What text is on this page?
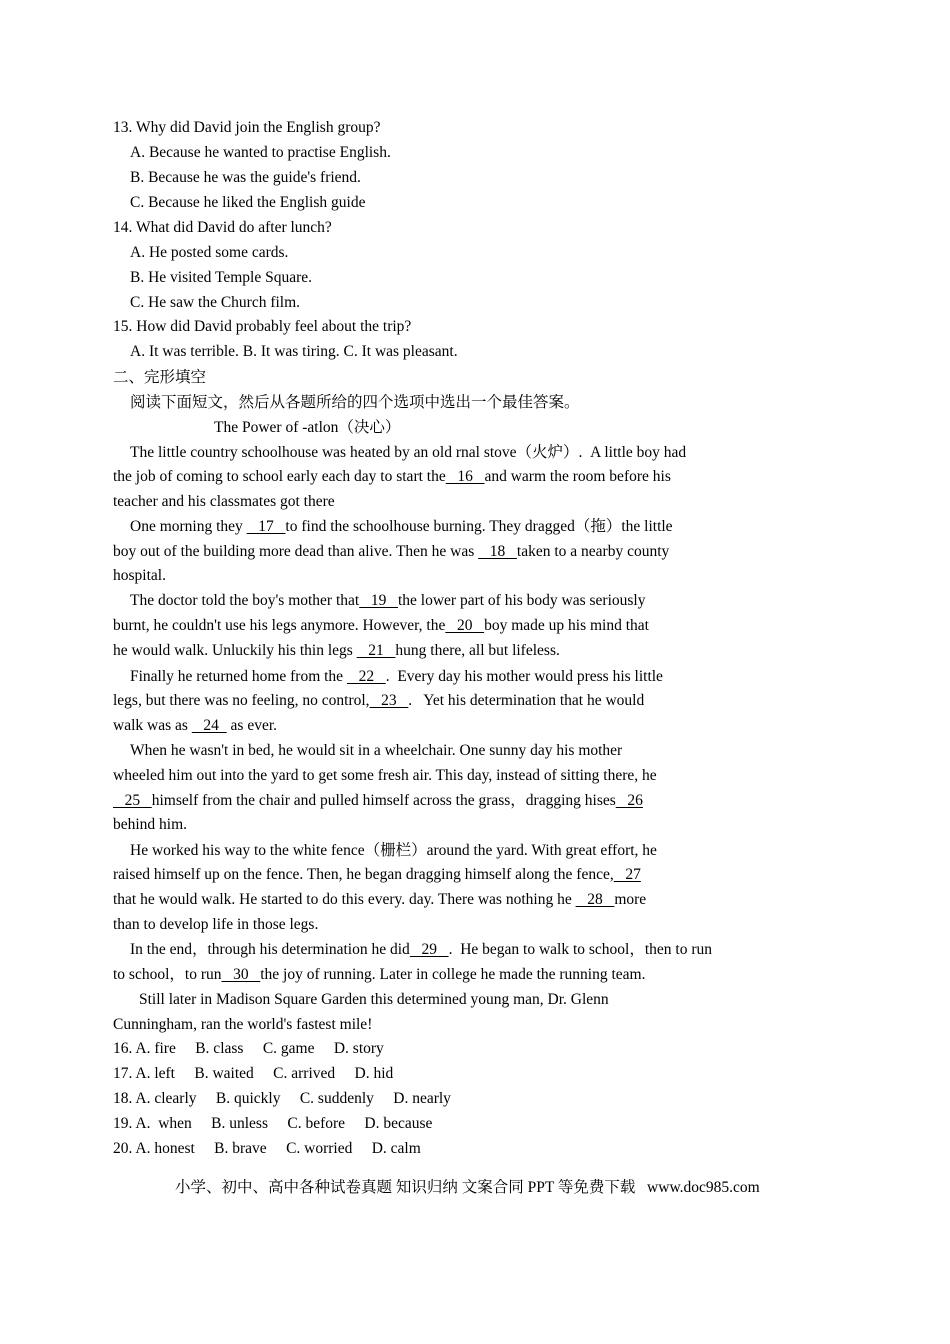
13. Why did David join the English group?
A. Because he wanted to practise English.
B. Because he was the guide's friend.
C. Because he liked the English guide
14. What did David do after lunch?
A. He posted some cards.
B. He visited Temple Square.
C. He saw the Church film.
15. How did David probably feel about the trip?
A. It was terrible. B. It was tiring. C. It was pleasant.
二、完形填空
阅读下面短文，然后从各题所给的四个选项中选出一个最佳答案。
The Power of -atlon（决心）
The little country schoolhouse was heated by an old rnal stove（火炉）.  A little boy had
the job of coming to school early each day to start the   16   and warm the room before his
teacher and his classmates got there
One morning they    17   to find the schoolhouse burning. They dragged（拖）the little
boy out of the building more dead than alive. Then he was    18   taken to a nearby county
hospital.
The doctor told the boy's mother that   19   the lower part of his body was seriously
burnt, he couldn't use his legs anymore. However, the   20   boy made up his mind that
he would walk. Unluckily his thin legs    21   hung there, all but lifeless.
Finally he returned home from the    22   .  Every day his mother would press his little
legs, but there was no feeling, no control,   23   .   Yet his determination that he would
walk was as    24   as ever.
When he wasn't in bed, he would sit in a wheelchair. One sunny day his mother
wheeled him out into the yard to get some fresh air. This day, instead of sitting there, he
25   himself from the chair and pulled himself across the grass，dragging hises   26
behind him.
He worked his way to the white fence（栅栏）around the yard. With great effort, he
raised himself up on the fence. Then, he began dragging himself along the fence,   27
that he would walk. He started to do this every. day. There was nothing he    28   more
than to develop life in those legs.
In the end，through his determination he did   29   .  He began to walk to school，then to run
to school，to run   30   the joy of running. Later in college he made the running team.
Still later in Madison Square Garden this determined young man, Dr. Glenn
Cunningham, ran the world's fastest mile!
16. A. fire     B. class     C. game     D. story
17. A. left     B. waited     C. arrived     D. hid
18. A. clearly     B. quickly     C. suddenly     D. nearly
19. A.  when     B. unless     C. before     D. because
20. A. honest     B. brave     C. worried     D. calm
小学、初中、高中各种试卷真题 知识归纳 文案合同 PPT 等免费下载   www.doc985.com
